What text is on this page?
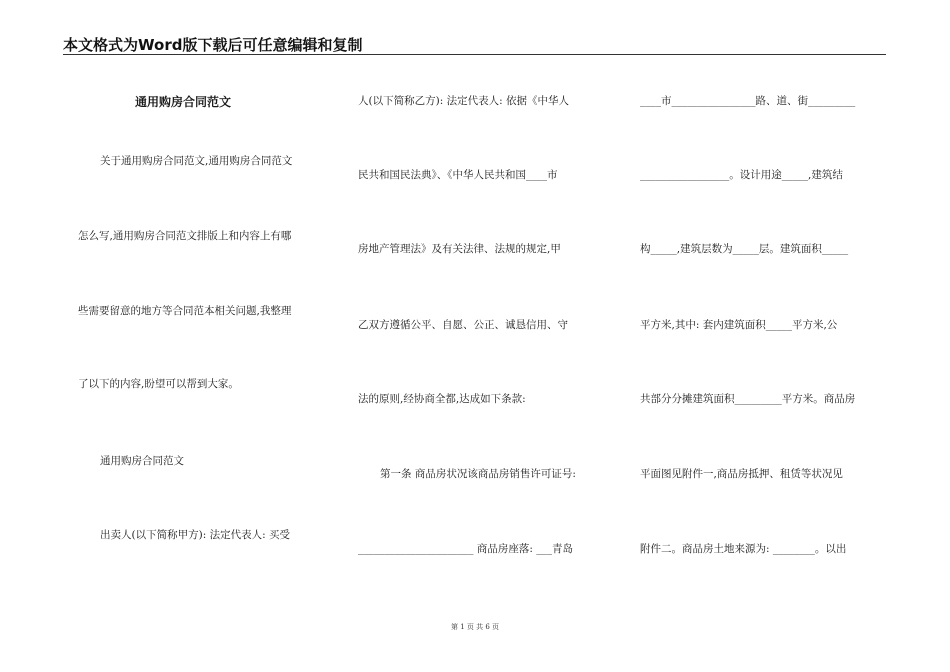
本文格式为Word版下载后可任意编辑和复制
通用购房合同范文
关于通用购房合同范文,通用购房合同范文
怎么写,通用购房合同范文排版上和内容上有哪
些需要留意的地方等合同范本相关问题,我整理
了以下的内容,盼望可以帮到大家。
通用购房合同范文
出卖人(以下简称甲方): 法定代表人: 买受
人(以下简称乙方): 法定代表人: 依据《中华人
民共和国民法典》、《中华人民共和国____市
房地产管理法》及有关法律、法规的规定,甲
乙双方遵循公平、自愿、公正、诚恳信用、守
法的原则,经协商全都,达成如下条款:
第一条 商品房状况该商品房销售许可证号:
______________________ 商品房座落: ___青岛
____市________________路、道、街_________
_________________。设计用途_____,建筑结
构_____,建筑层数为_____层。建筑面积_____
平方米,其中: 套内建筑面积_____平方米,公
共部分分摊建筑面积_________平方米。商品房
平面图见附件一,商品房抵押、租赁等状况见
附件二。商品房土地来源为: ________。以出
第 1 页 共 6 页
